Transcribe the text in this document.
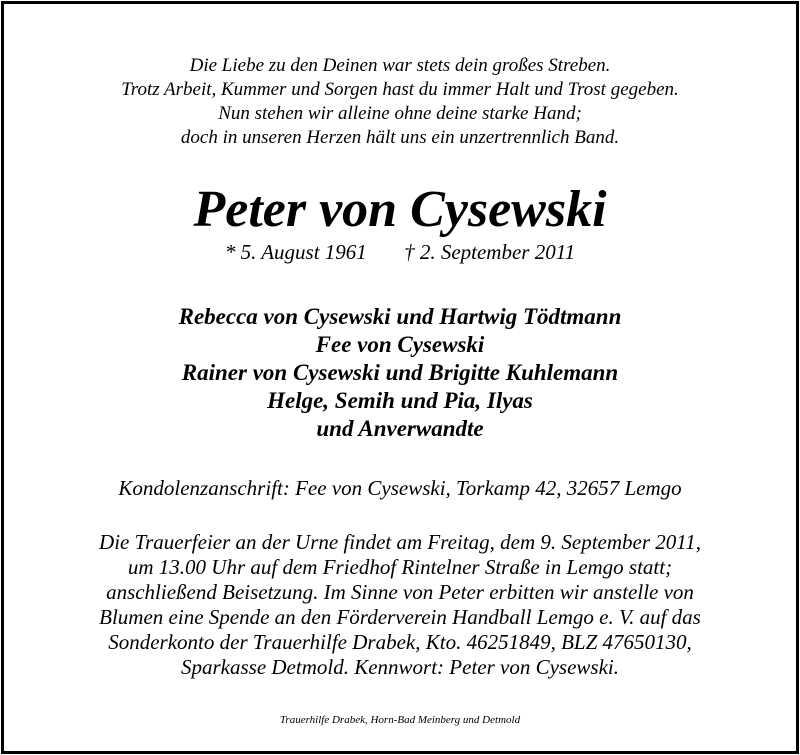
Die Liebe zu den Deinen war stets dein großes Streben.
Trotz Arbeit, Kummer und Sorgen hast du immer Halt und Trost gegeben.
Nun stehen wir alleine ohne deine starke Hand;
doch in unseren Herzen hält uns ein unzertrennlich Band.
Peter von Cysewski
* 5. August 1961 † 2. September 2011
Rebecca von Cysewski und Hartwig Tödtmann
Fee von Cysewski
Rainer von Cysewski und Brigitte Kuhlemann
Helge, Semih und Pia, Ilyas
und Anverwandte
Kondolenzanschrift: Fee von Cysewski, Torkamp 42, 32657 Lemgo
Die Trauerfeier an der Urne findet am Freitag, dem 9. September 2011,
um 13.00 Uhr auf dem Friedhof Rintelner Straße in Lemgo statt;
anschließend Beisetzung. Im Sinne von Peter erbitten wir anstelle von
Blumen eine Spende an den Förderverein Handball Lemgo e. V. auf das
Sonderkonto der Trauerhilfe Drabek, Kto. 46251849, BLZ 47650130,
Sparkasse Detmold. Kennwort: Peter von Cysewski.
Trauerhilfe Drabek, Horn-Bad Meinberg und Detmold
